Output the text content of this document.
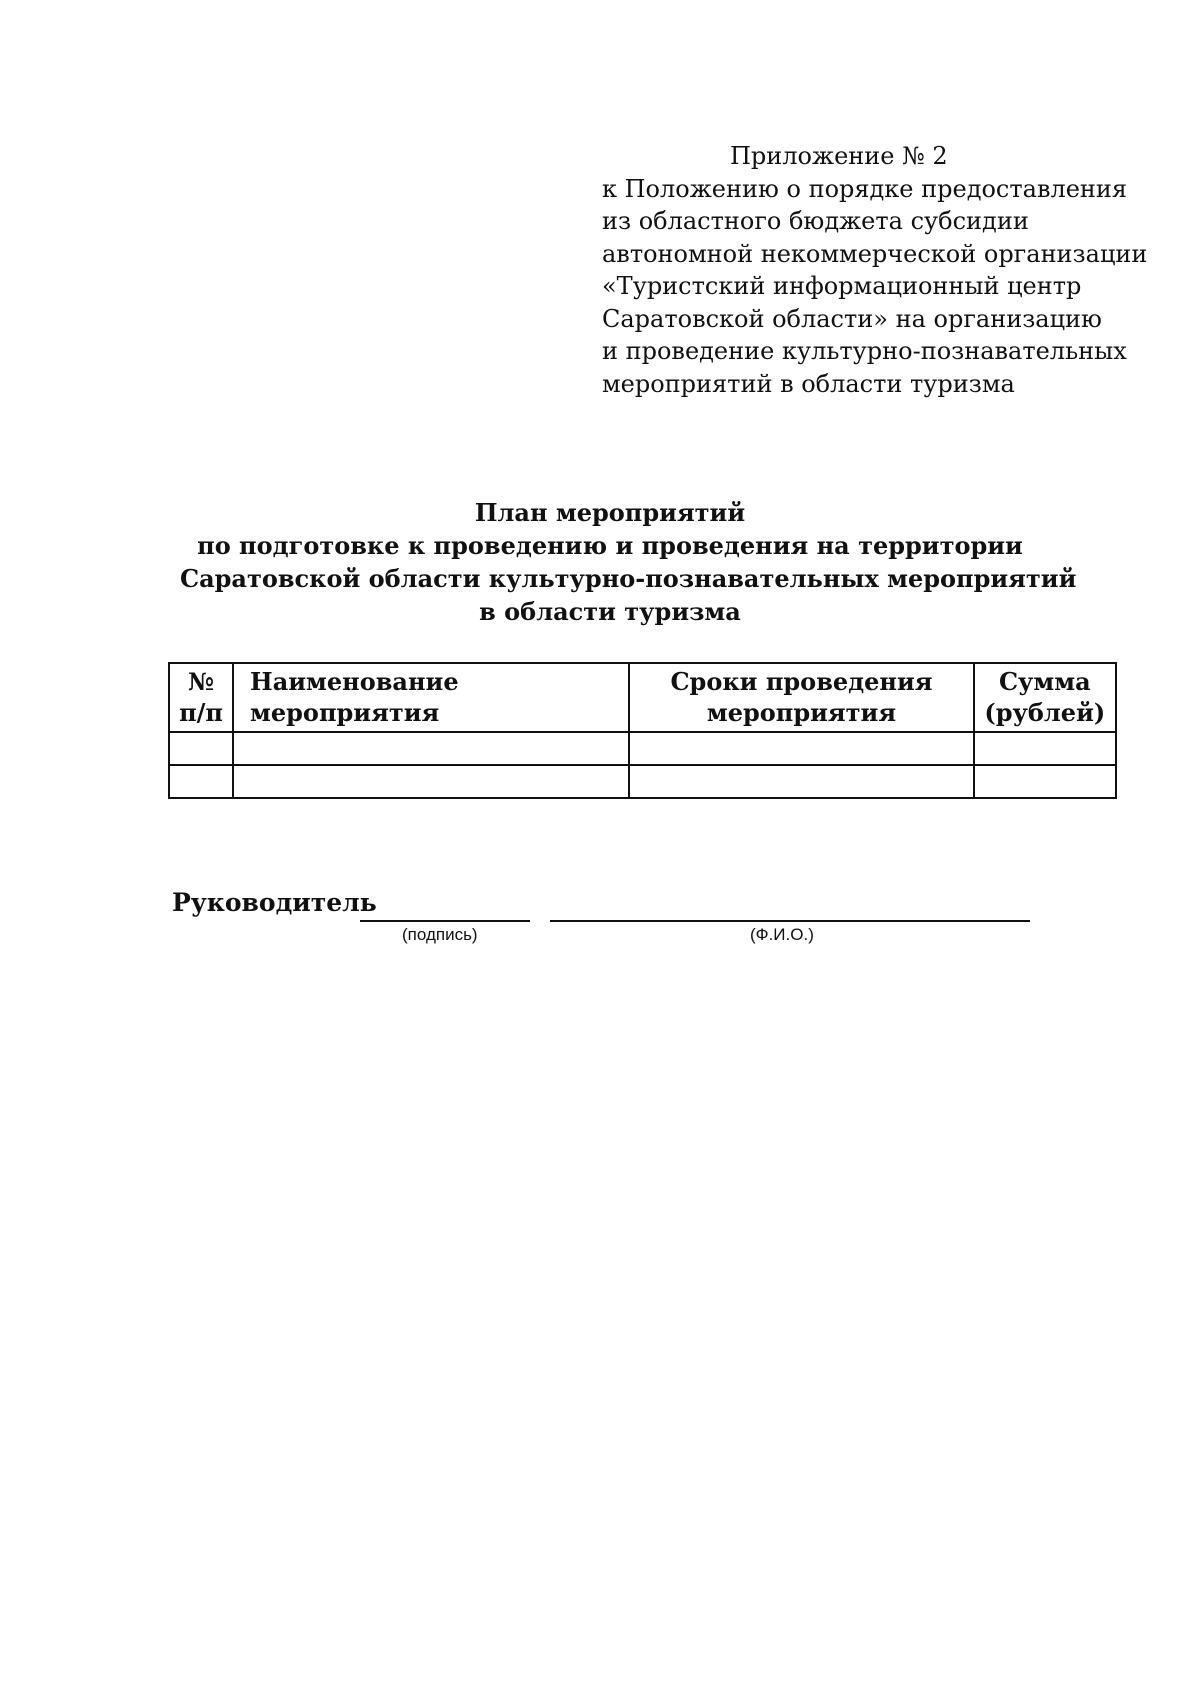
Приложение № 2
к Положению о порядке предоставления
из областного бюджета субсидии
автономной некоммерческой организации
«Туристский информационный центр
Саратовской области» на организацию
и проведение культурно-познавательных
мероприятий в области туризма
План мероприятий
по подготовке к проведению и проведения на территории
Саратовской области культурно-познавательных мероприятий
в области туризма
№ п/п	Наименование мероприятия	Сроки проведения мероприятия	Сумма (рублей)

Руководитель
(подпись)	(Ф.И.О.)
